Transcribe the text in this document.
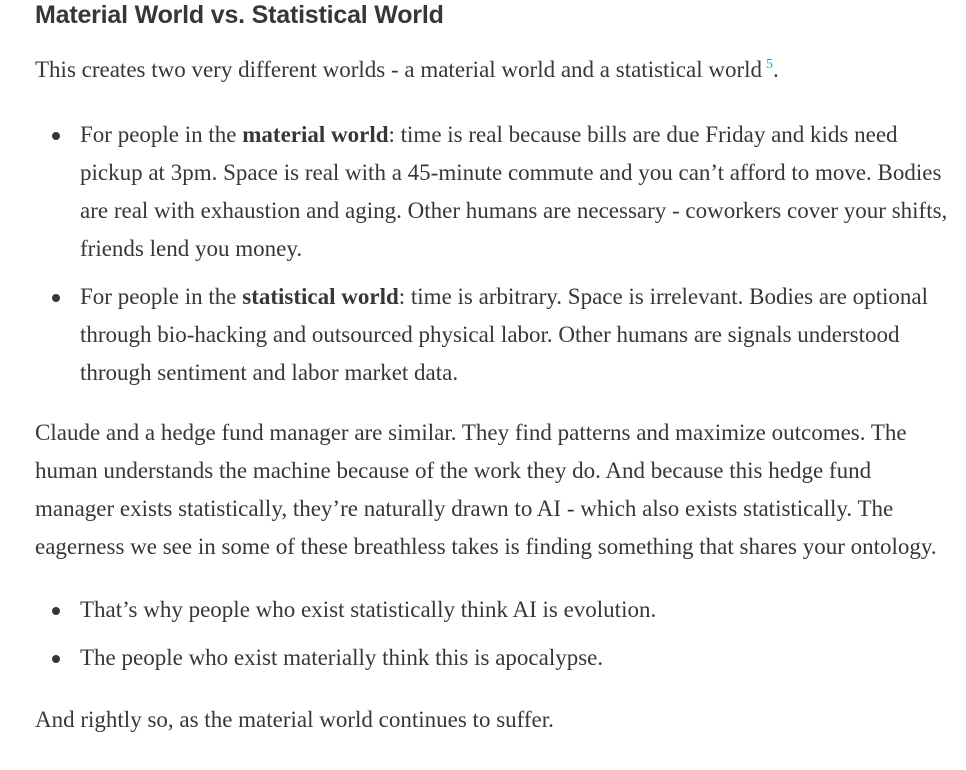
Material World vs. Statistical World

This creates two very different worlds - a material world and a statistical world $^5$.

For people in the material world: time is real because bills are due Friday and kids need pickup at 3pm. Space is real with a 45-minute commute and you can’t afford to move. Bodies are real with exhaustion and aging. Other humans are necessary - coworkers cover your shifts, friends lend you money.
For people in the statistical world: time is arbitrary. Space is irrelevant. Bodies are optional through bio-hacking and outsourced physical labor. Other humans are signals understood through sentiment and labor market data.

Claude and a hedge fund manager are similar. They find patterns and maximize outcomes. The human understands the machine because of the work they do. And because this hedge fund manager exists statistically, they’re naturally drawn to AI - which also exists statistically. The eagerness we see in some of these breathless takes is finding something that shares your ontology.

That’s why people who exist statistically think AI is evolution.
The people who exist materially think this is apocalypse.

And rightly so, as the material world continues to suffer.
